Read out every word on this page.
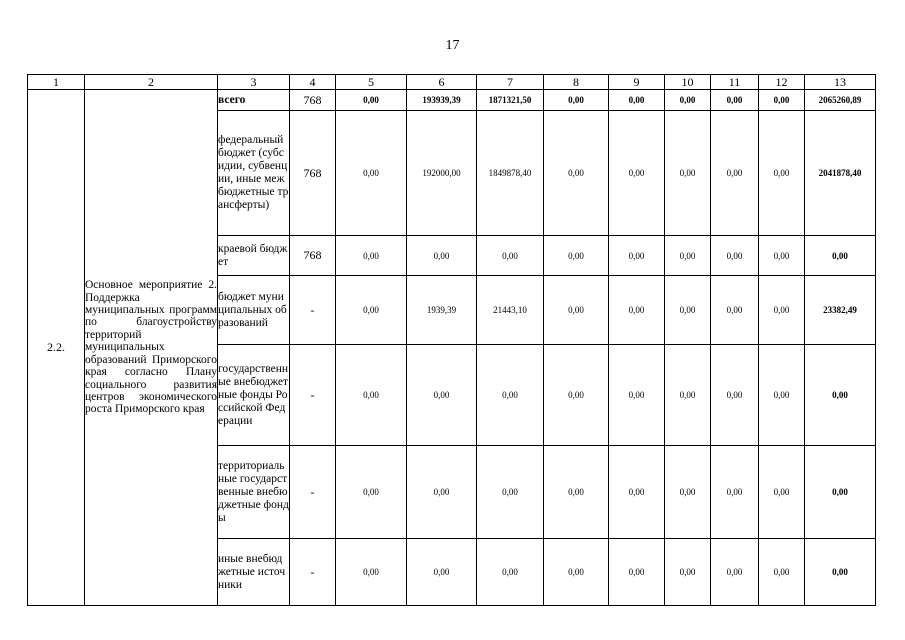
17
1	2	3	4	5	6	7	8	9	10	11	12	13
2.2.	Основное мероприятие 2. Поддержка муниципальных программ по благоустройству территорий муниципальных образований Приморского края согласно Плану социального развития центров экономического роста Приморского края	всего	768	0,00	193939,39	1871321,50	0,00	0,00	0,00	0,00	0,00	2065260,89
		федеральный бюджет (субсидии, субвенции, иные межбюджетные трансферты)	768	0,00	192000,00	1849878,40	0,00	0,00	0,00	0,00	0,00	2041878,40
		краевой бюджет	768	0,00	0,00	0,00	0,00	0,00	0,00	0,00	0,00	0,00
		бюджет муниципальных образований	-	0,00	1939,39	21443,10	0,00	0,00	0,00	0,00	0,00	23382,49
		государственные внебюджетные фонды Российской Федерации	-	0,00	0,00	0,00	0,00	0,00	0,00	0,00	0,00	0,00
		территориальные государственные внебюджетные фонды	-	0,00	0,00	0,00	0,00	0,00	0,00	0,00	0,00	0,00
		иные внебюджетные источники	-	0,00	0,00	0,00	0,00	0,00	0,00	0,00	0,00	0,00
